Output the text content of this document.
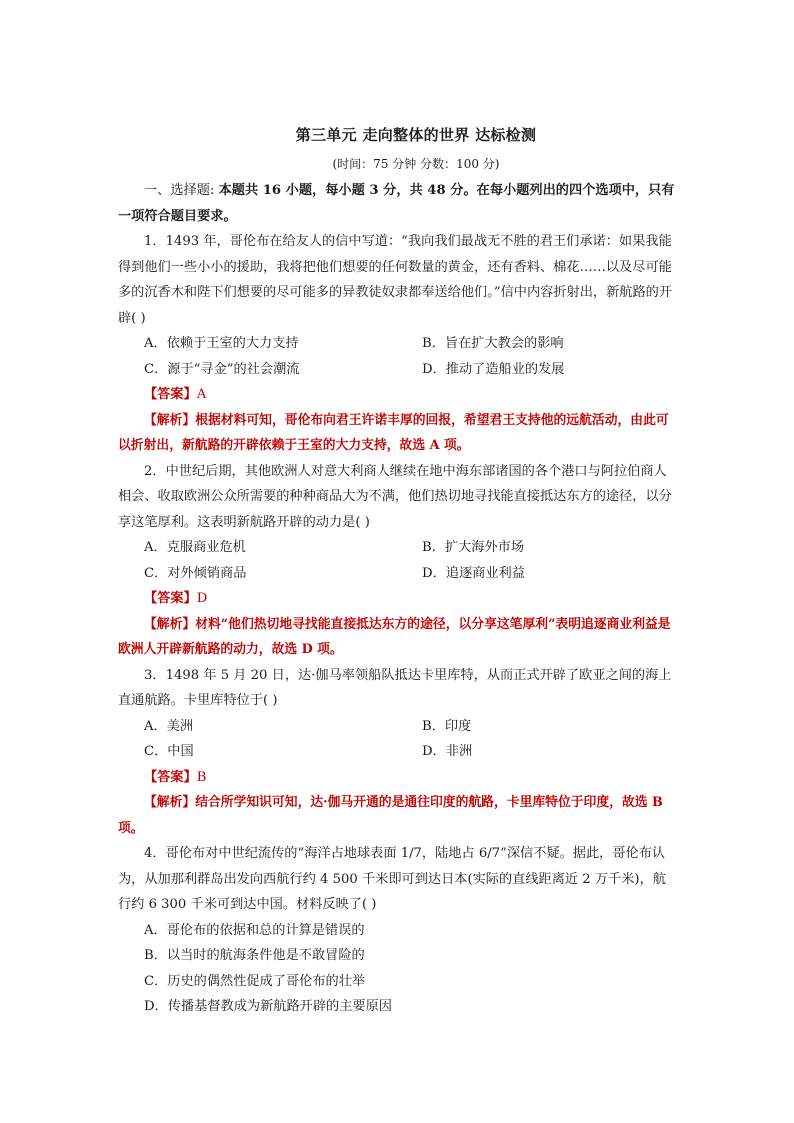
第三单元 走向整体的世界 达标检测
(时间：75 分钟 分数：100 分)

一、选择题: 本题共 16 小题，每小题 3 分，共 48 分。在每小题列出的四个选项中，只有一项符合题目要求。

1．1493 年，哥伦布在给友人的信中写道：“我向我们最战无不胜的君王们承诺：如果我能得到他们一些小小的援助，我将把他们想要的任何数量的黄金，还有香料、棉花……以及尽可能多的沉香木和陛下们想要的尽可能多的异教徒奴隶都奉送给他们。”信中内容折射出，新航路的开辟( )

A．依赖于王室的大力支持	B．旨在扩大教会的影响
C．源于“寻金”的社会潮流	D．推动了造船业的发展
【答案】A

【解析】根据材料可知，哥伦布向君王许诺丰厚的回报，希望君王支持他的远航活动，由此可以折射出，新航路的开辟依赖于王室的大力支持，故选 A 项。

2．中世纪后期，其他欧洲人对意大利商人继续在地中海东部诸国的各个港口与阿拉伯商人相会、收取欧洲公众所需要的种种商品大为不满，他们热切地寻找能直接抵达东方的途径，以分享这笔厚利。这表明新航路开辟的动力是( )

A．克服商业危机	B．扩大海外市场
C．对外倾销商品	D．追逐商业利益
【答案】D

【解析】材料“他们热切地寻找能直接抵达东方的途径，以分享这笔厚利”表明追逐商业利益是欧洲人开辟新航路的动力，故选 D 项。

3．1498 年 5 月 20 日，达·伽马率领船队抵达卡里库特，从而正式开辟了欧亚之间的海上直通航路。卡里库特位于( )

A．美洲	B．印度
C．中国	D．非洲
【答案】B

【解析】结合所学知识可知，达·伽马开通的是通往印度的航路，卡里库特位于印度，故选 B 项。

4．哥伦布对中世纪流传的“海洋占地球表面 1/7，陆地占 6/7”深信不疑。据此，哥伦布认为，从加那利群岛出发向西航行约 4 500 千米即可到达日本(实际的直线距离近 2 万千米)，航行约 6 300 千米可到达中国。材料反映了( )

A．哥伦布的依据和总的计算是错误的
B．以当时的航海条件他是不敢冒险的
C．历史的偶然性促成了哥伦布的壮举
D．传播基督教成为新航路开辟的主要原因
